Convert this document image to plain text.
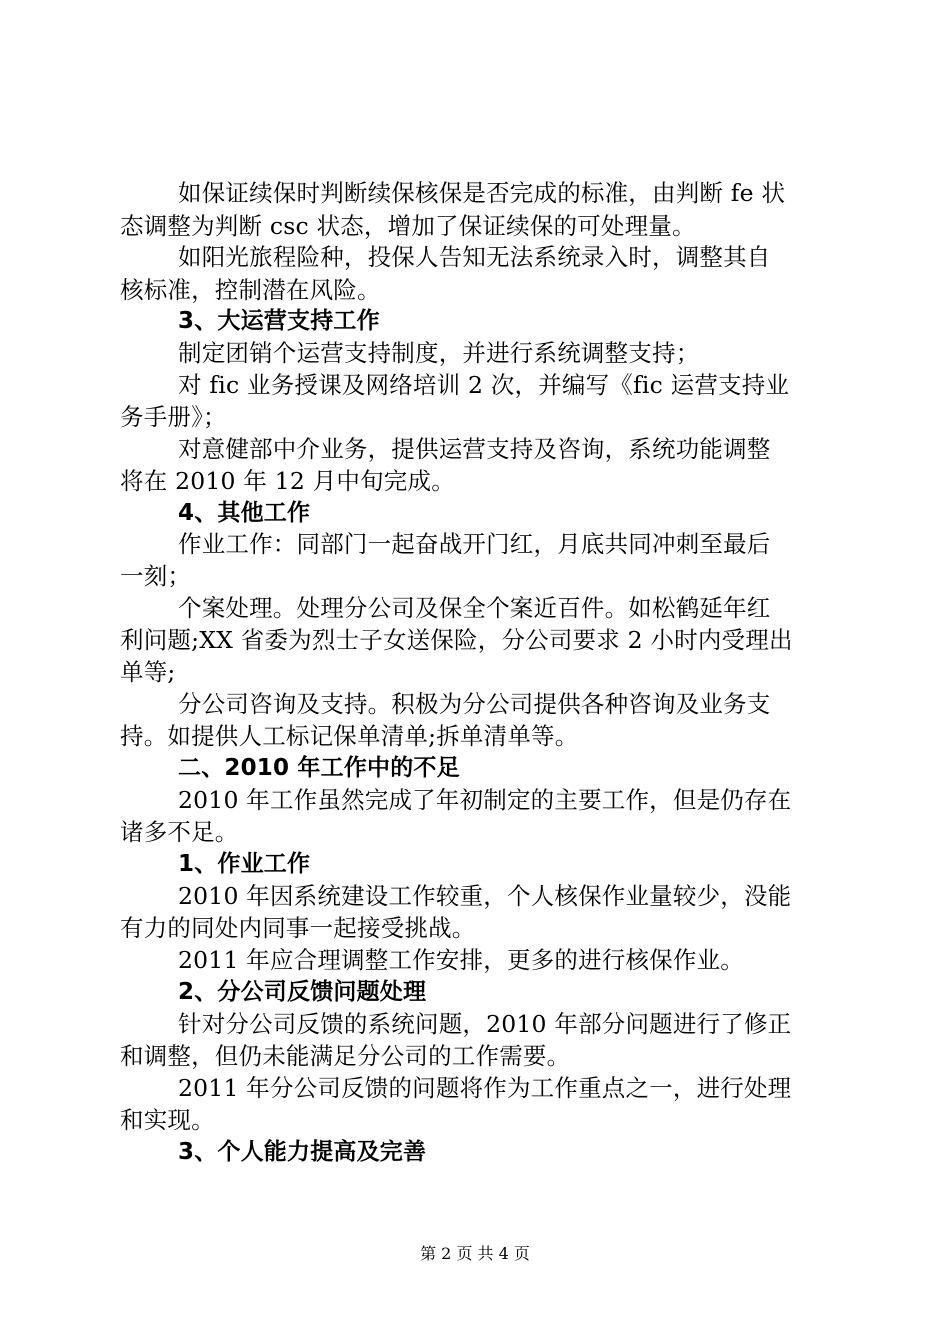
如保证续保时判断续保核保是否完成的标准，由判断 fe 状
态调整为判断 csc 状态，增加了保证续保的可处理量。
如阳光旅程险种，投保人告知无法系统录入时，调整其自
核标准，控制潜在风险。
3、大运营支持工作
制定团销个运营支持制度，并进行系统调整支持；
对 fic 业务授课及网络培训 2 次，并编写《fic 运营支持业
务手册》；
对意健部中介业务，提供运营支持及咨询，系统功能调整
将在 2010 年 12 月中旬完成。
4、其他工作
作业工作：同部门一起奋战开门红，月底共同冲刺至最后
一刻；
个案处理。处理分公司及保全个案近百件。如松鹤延年红
利问题;XX 省委为烈士子女送保险，分公司要求 2 小时内受理出
单等;
分公司咨询及支持。积极为分公司提供各种咨询及业务支
持。如提供人工标记保单清单;拆单清单等。
二、2010 年工作中的不足
2010 年工作虽然完成了年初制定的主要工作，但是仍存在
诸多不足。
1、作业工作
2010 年因系统建设工作较重，个人核保作业量较少，没能
有力的同处内同事一起接受挑战。
2011 年应合理调整工作安排，更多的进行核保作业。
2、分公司反馈问题处理
针对分公司反馈的系统问题，2010 年部分问题进行了修正
和调整，但仍未能满足分公司的工作需要。
2011 年分公司反馈的问题将作为工作重点之一，进行处理
和实现。
3、个人能力提高及完善
第 2 页 共 4 页
